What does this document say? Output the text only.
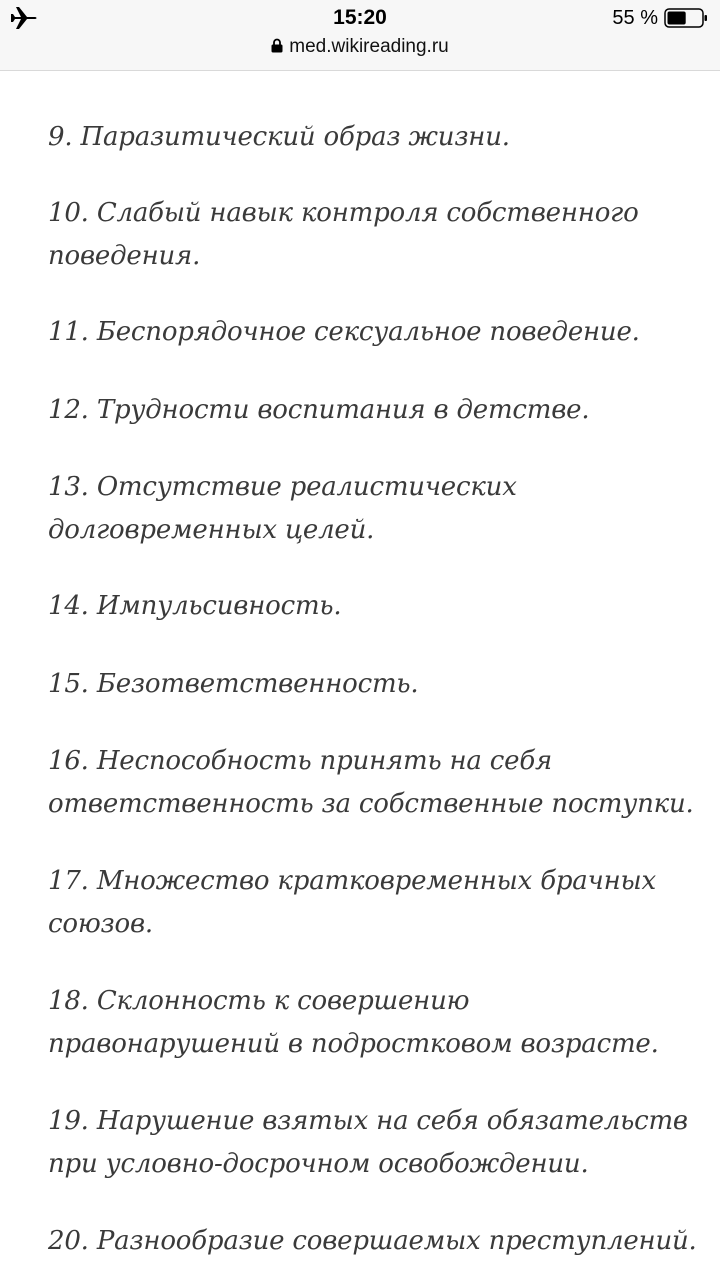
9. Паразитический образ жизни.

10. Слабый навык контроля собственного поведения.

11. Беспорядочное сексуальное поведение.

12. Трудности воспитания в детстве.

13. Отсутствие реалистических долговременных целей.

14. Импульсивность.

15. Безответственность.

16. Неспособность принять на себя ответственность за собственные поступки.

17. Множество кратковременных брачных союзов.

18. Склонность к совершению правонарушений в подростковом возрасте.

19. Нарушение взятых на себя обязательств при условно-досрочном освобождении.

20. Разнообразие совершаемых преступлений.

15:20	55 %
med.wikireading.ru
